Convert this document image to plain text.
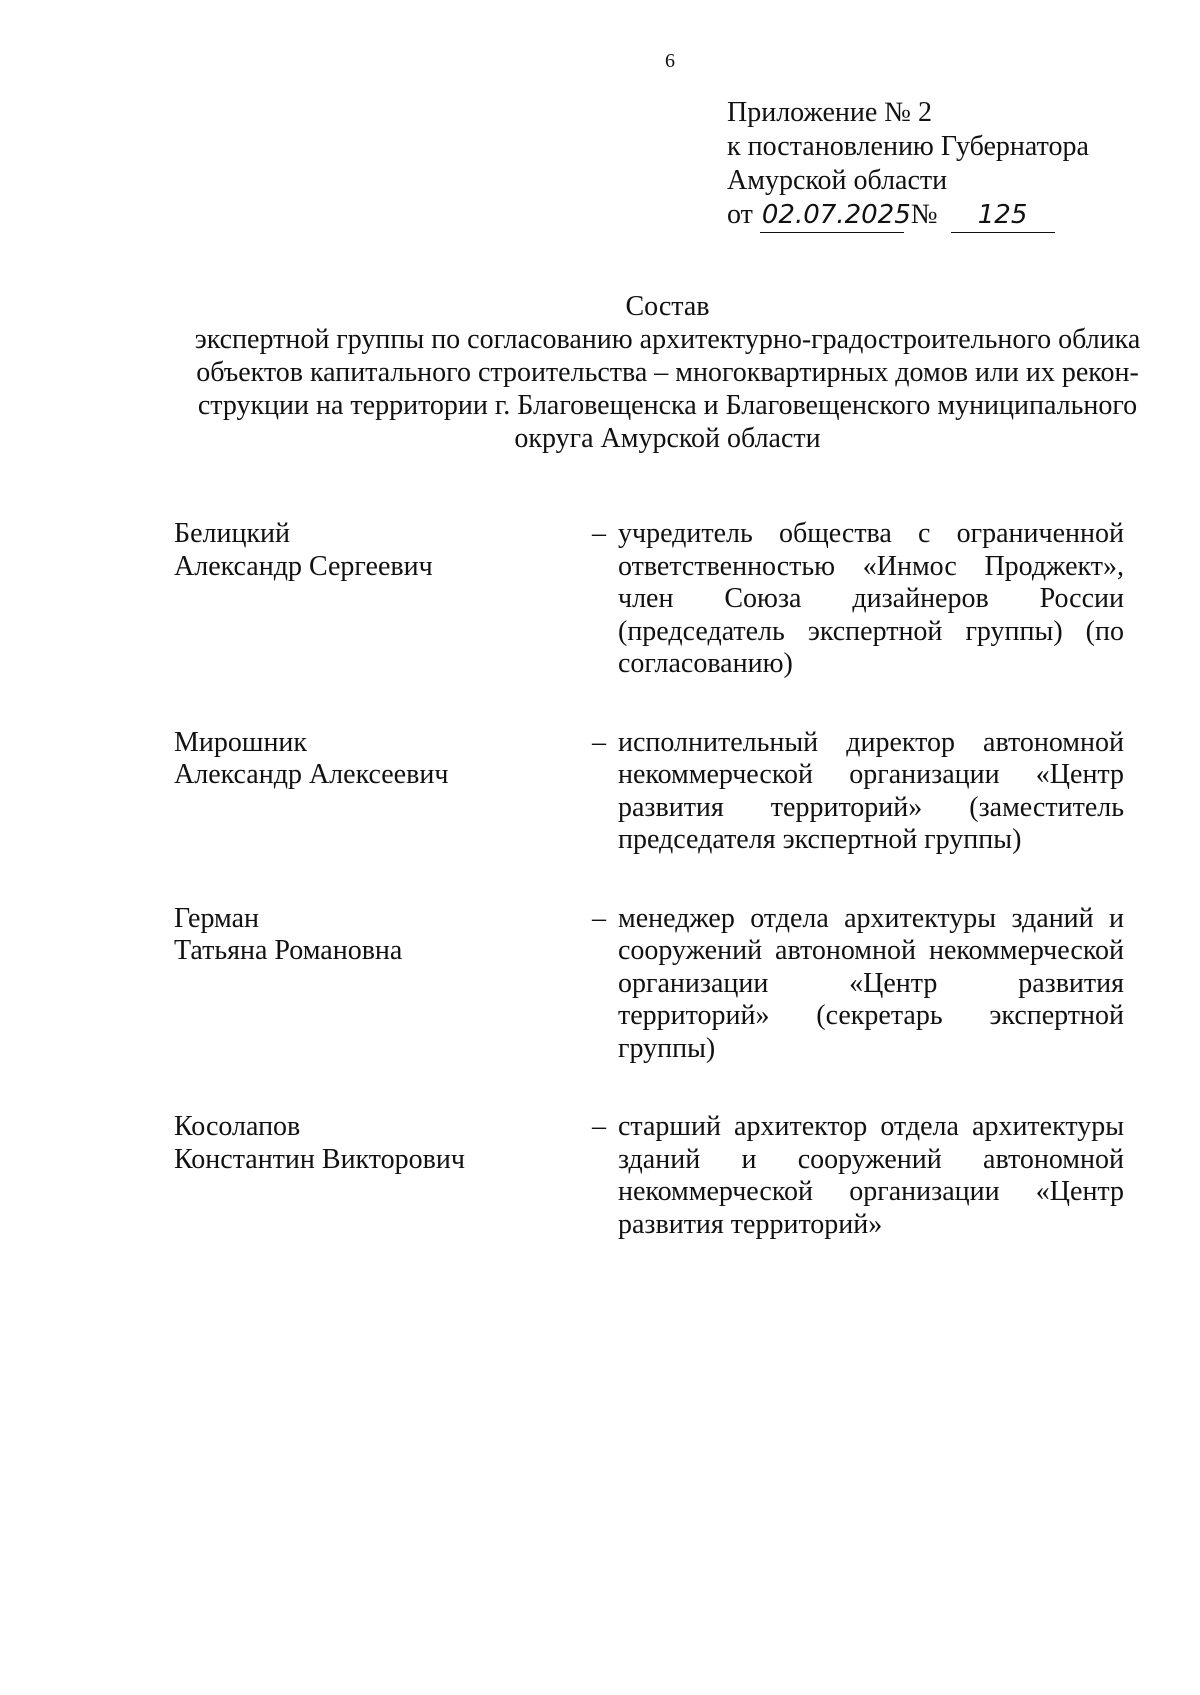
6
Приложение № 2
к постановлению Губернатора
Амурской области
от 02.07.2025 № 125
Состав
экспертной группы по согласованию архитектурно-градостроительного облика
объектов капитального строительства – многоквартирных домов или их рекон-
струкции на территории г. Благовещенска и Благовещенского муниципального
округа Амурской области
Белицкий
Александр Сергеевич
– учредитель общества с ограниченной ответственностью «Инмос Проджект», член Союза дизайнеров России (председатель экспертной группы) (по согласованию)
Мирошник
Александр Алексеевич
– исполнительный директор автономной некоммерческой организации «Центр развития территорий» (заместитель председателя экспертной группы)
Герман
Татьяна Романовна
– менеджер отдела архитектуры зданий и сооружений автономной некоммерческой организации «Центр развития территорий» (секретарь экспертной группы)
Косолапов
Константин Викторович
– старший архитектор отдела архитектуры зданий и сооружений автономной некоммерческой организации «Центр развития территорий»
